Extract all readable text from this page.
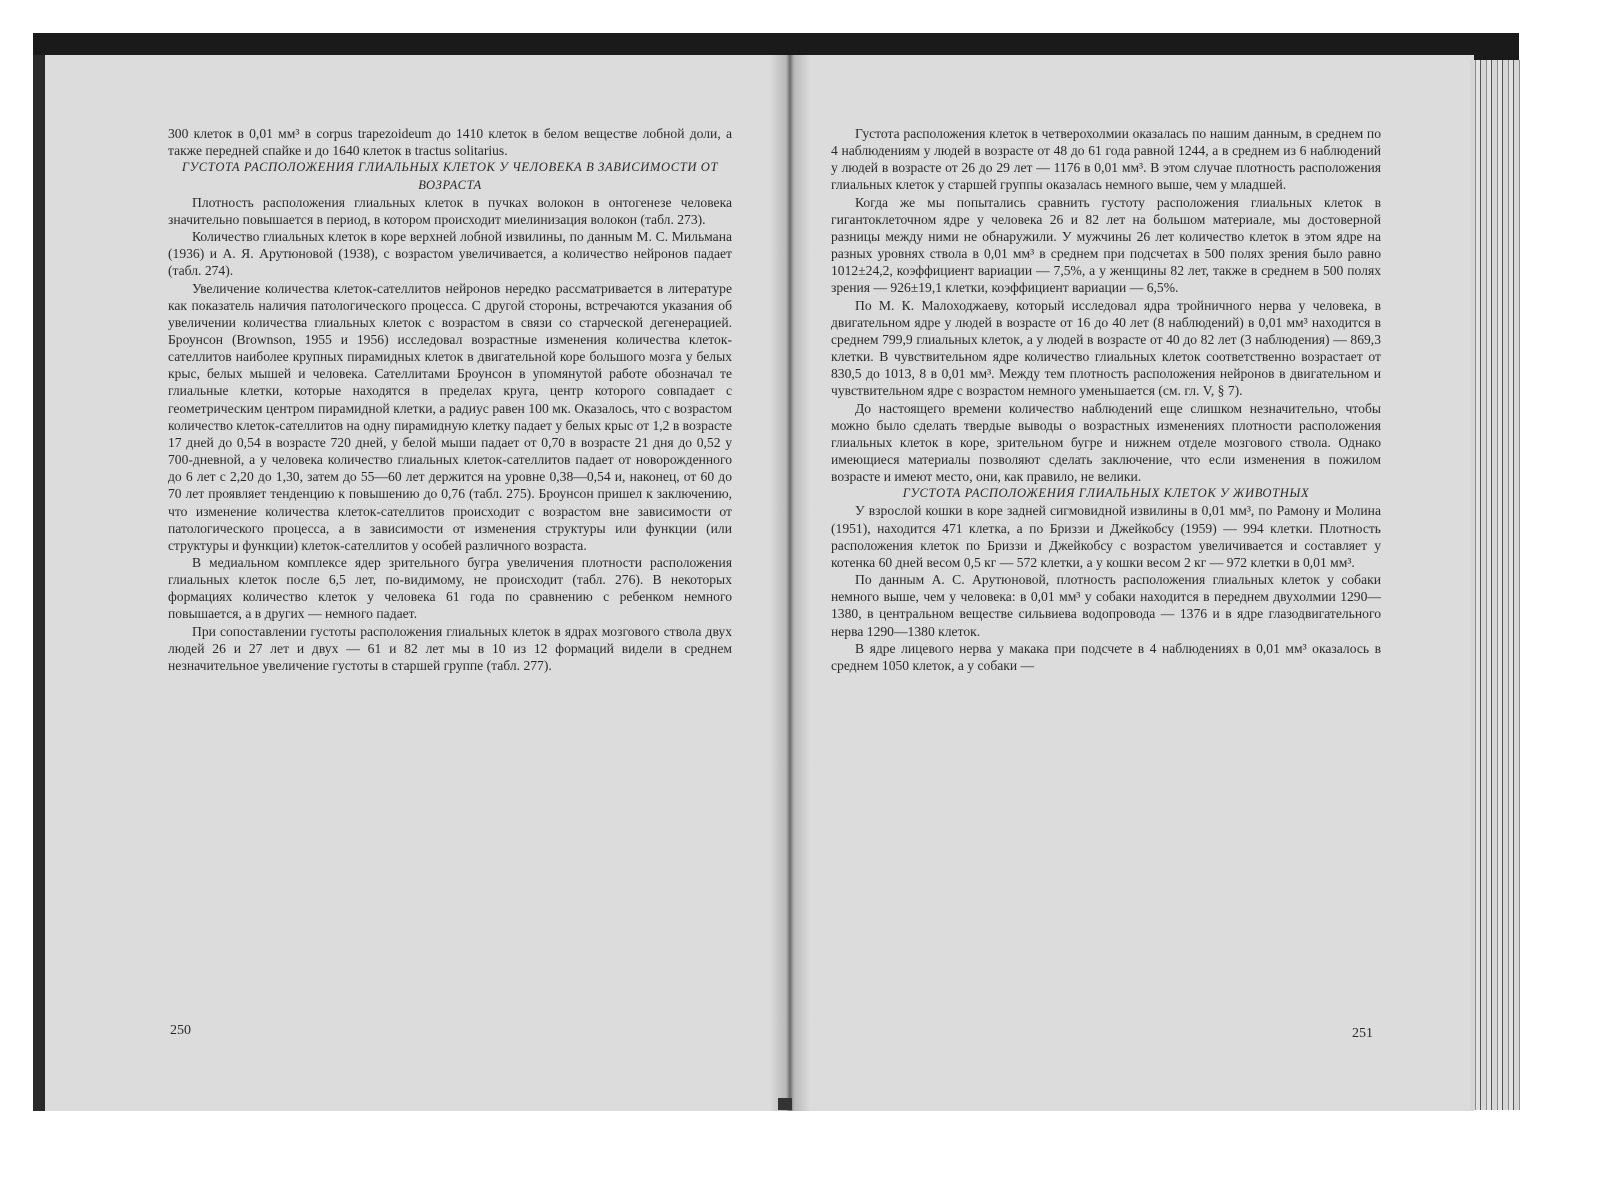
300 клеток в 0,01 мм³ в corpus trapezoideum до 1410 клеток в белом веществе лобной доли, а также передней спайке и до 1640 клеток в tractus solitarius.

ГУСТОТА РАСПОЛОЖЕНИЯ ГЛИАЛЬНЫХ КЛЕТОК У ЧЕЛОВЕКА В ЗАВИСИМОСТИ ОТ ВОЗРАСТА

Плотность расположения глиальных клеток в пучках волокон в онтогенезе человека значительно повышается в период, в котором происходит миелинизация волокон (табл. 273).

Количество глиальных клеток в коре верхней лобной извилины, по данным М. С. Мильмана (1936) и А. Я. Арутюновой (1938), с возрастом увеличивается, а количество нейронов падает (табл. 274).

Увеличение количества клеток-сателлитов нейронов нередко рассматривается в литературе как показатель наличия патологического процесса. С другой стороны, встречаются указания об увеличении количества глиальных клеток с возрастом в связи со старческой дегенерацией. Броунсон (Brownson, 1955 и 1956) исследовал возрастные изменения количества клеток-сателлитов наиболее крупных пирамидных клеток в двигательной коре большого мозга у белых крыс, белых мышей и человека. Сателлитами Броунсон в упомянутой работе обозначал те глиальные клетки, которые находятся в пределах круга, центр которого совпадает с геометрическим центром пирамидной клетки, а радиус равен 100 мк. Оказалось, что с возрастом количество клеток-сателлитов на одну пирамидную клетку падает у белых крыс от 1,2 в возрасте 17 дней до 0,54 в возрасте 720 дней, у белой мыши падает от 0,70 в возрасте 21 дня до 0,52 у 700-дневной, а у человека количество глиальных клеток-сателлитов падает от новорожденного до 6 лет с 2,20 до 1,30, затем до 55—60 лет держится на уровне 0,38—0,54 и, наконец, от 60 до 70 лет проявляет тенденцию к повышению до 0,76 (табл. 275). Броунсон пришел к заключению, что изменение количества клеток-сателлитов происходит с возрастом вне зависимости от патологического процесса, а в зависимости от изменения структуры или функции (или структуры и функции) клеток-сателлитов у особей различного возраста.

В медиальном комплексе ядер зрительного бугра увеличения плотности расположения глиальных клеток после 6,5 лет, по-видимому, не происходит (табл. 276). В некоторых формациях количество клеток у человека 61 года по сравнению с ребенком немного повышается, а в других — немного падает.

При сопоставлении густоты расположения глиальных клеток в ядрах мозгового ствола двух людей 26 и 27 лет и двух — 61 и 82 лет мы в 10 из 12 формаций видели в среднем незначительное увеличение густоты в старшей группе (табл. 277).

250

Густота расположения клеток в четверохолмии оказалась по нашим данным, в среднем по 4 наблюдениям у людей в возрасте от 48 до 61 года равной 1244, а в среднем из 6 наблюдений у людей в возрасте от 26 до 29 лет — 1176 в 0,01 мм³. В этом случае плотность расположения глиальных клеток у старшей группы оказалась немного выше, чем у младшей.

Когда же мы попытались сравнить густоту расположения глиальных клеток в гигантоклеточном ядре у человека 26 и 82 лет на большом материале, мы достоверной разницы между ними не обнаружили. У мужчины 26 лет количество клеток в этом ядре на разных уровнях ствола в 0,01 мм³ в среднем при подсчетах в 500 полях зрения было равно 1012±24,2, коэффициент вариации — 7,5%, а у женщины 82 лет, также в среднем в 500 полях зрения — 926±19,1 клетки, коэффициент вариации — 6,5%.

По М. К. Малоходжаеву, который исследовал ядра тройничного нерва у человека, в двигательном ядре у людей в возрасте от 16 до 40 лет (8 наблюдений) в 0,01 мм³ находится в среднем 799,9 глиальных клеток, а у людей в возрасте от 40 до 82 лет (3 наблюдения) — 869,3 клетки. В чувствительном ядре количество глиальных клеток соответственно возрастает от 830,5 до 1013, 8 в 0,01 мм³. Между тем плотность расположения нейронов в двигательном и чувствительном ядре с возрастом немного уменьшается (см. гл. V, § 7).

До настоящего времени количество наблюдений еще слишком незначительно, чтобы можно было сделать твердые выводы о возрастных изменениях плотности расположения глиальных клеток в коре, зрительном бугре и нижнем отделе мозгового ствола. Однако имеющиеся материалы позволяют сделать заключение, что если изменения в пожилом возрасте и имеют место, они, как правило, не велики.

ГУСТОТА РАСПОЛОЖЕНИЯ ГЛИАЛЬНЫХ КЛЕТОК У ЖИВОТНЫХ

У взрослой кошки в коре задней сигмовидной извилины в 0,01 мм³, по Рамону и Молина (1951), находится 471 клетка, а по Бриззи и Джейкобсу (1959) — 994 клетки. Плотность расположения клеток по Бриззи и Джейкобсу с возрастом увеличивается и составляет у котенка 60 дней весом 0,5 кг — 572 клетки, а у кошки весом 2 кг — 972 клетки в 0,01 мм³.

По данным А. С. Арутюновой, плотность расположения глиальных клеток у собаки немного выше, чем у человека: в 0,01 мм³ у собаки находится в переднем двухолмии 1290—1380, в центральном веществе сильвиева водопровода — 1376 и в ядре глазодвигательного нерва 1290—1380 клеток.

В ядре лицевого нерва у макака при подсчете в 4 наблюдениях в 0,01 мм³ оказалось в среднем 1050 клеток, а у собаки —

251
